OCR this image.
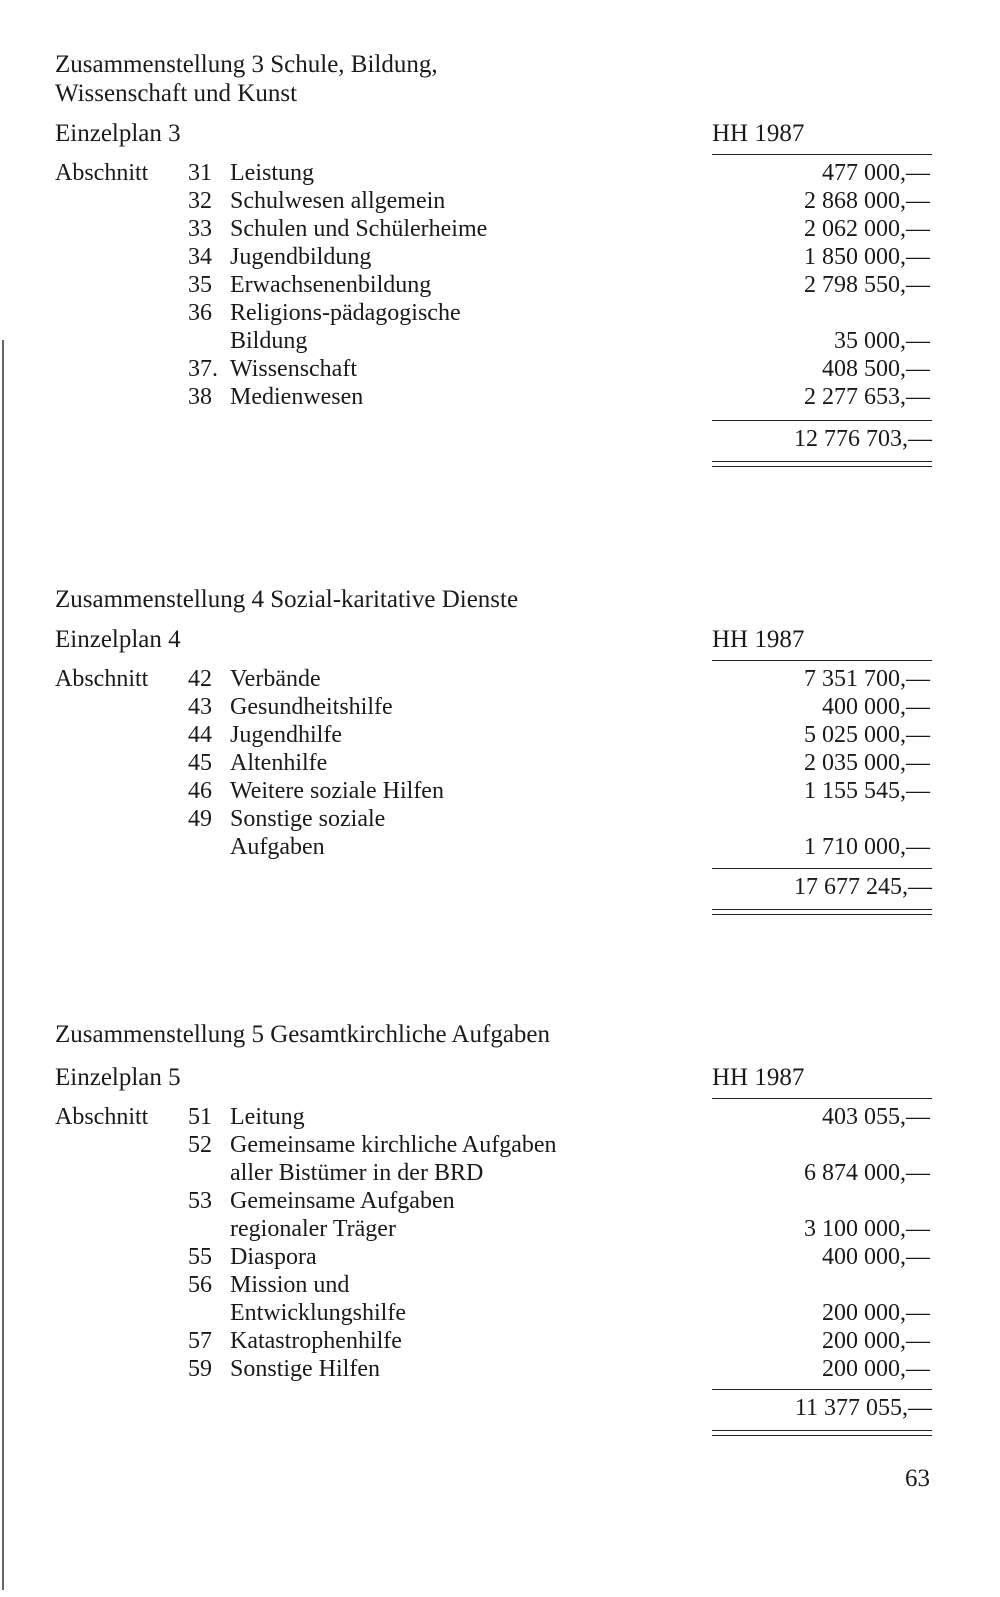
Zusammenstellung 3 Schule, Bildung,
Wissenschaft und Kunst
Einzelplan 3	HH 1987
Abschnitt 31 Leistung	477 000,—
32 Schulwesen allgemein	2 868 000,—
33 Schulen und Schülerheime	2 062 000,—
34 Jugendbildung	1 850 000,—
35 Erwachsenenbildung	2 798 550,—
36 Religions-pädagogische
Bildung	35 000,—
37. Wissenschaft	408 500,—
38 Medienwesen	2 277 653,—
12 776 703,—
Zusammenstellung 4 Sozial-karitative Dienste
Einzelplan 4	HH 1987
Abschnitt 42 Verbände	7 351 700,—
43 Gesundheitshilfe	400 000,—
44 Jugendhilfe	5 025 000,—
45 Altenhilfe	2 035 000,—
46 Weitere soziale Hilfen	1 155 545,—
49 Sonstige soziale
Aufgaben	1 710 000,—
17 677 245,—
Zusammenstellung 5 Gesamtkirchliche Aufgaben
Einzelplan 5	HH 1987
Abschnitt 51 Leitung	403 055,—
52 Gemeinsame kirchliche Aufgaben
aller Bistümer in der BRD	6 874 000,—
53 Gemeinsame Aufgaben
regionaler Träger	3 100 000,—
55 Diaspora	400 000,—
56 Mission und
Entwicklungshilfe	200 000,—
57 Katastrophenhilfe	200 000,—
59 Sonstige Hilfen	200 000,—
11 377 055,—
63
